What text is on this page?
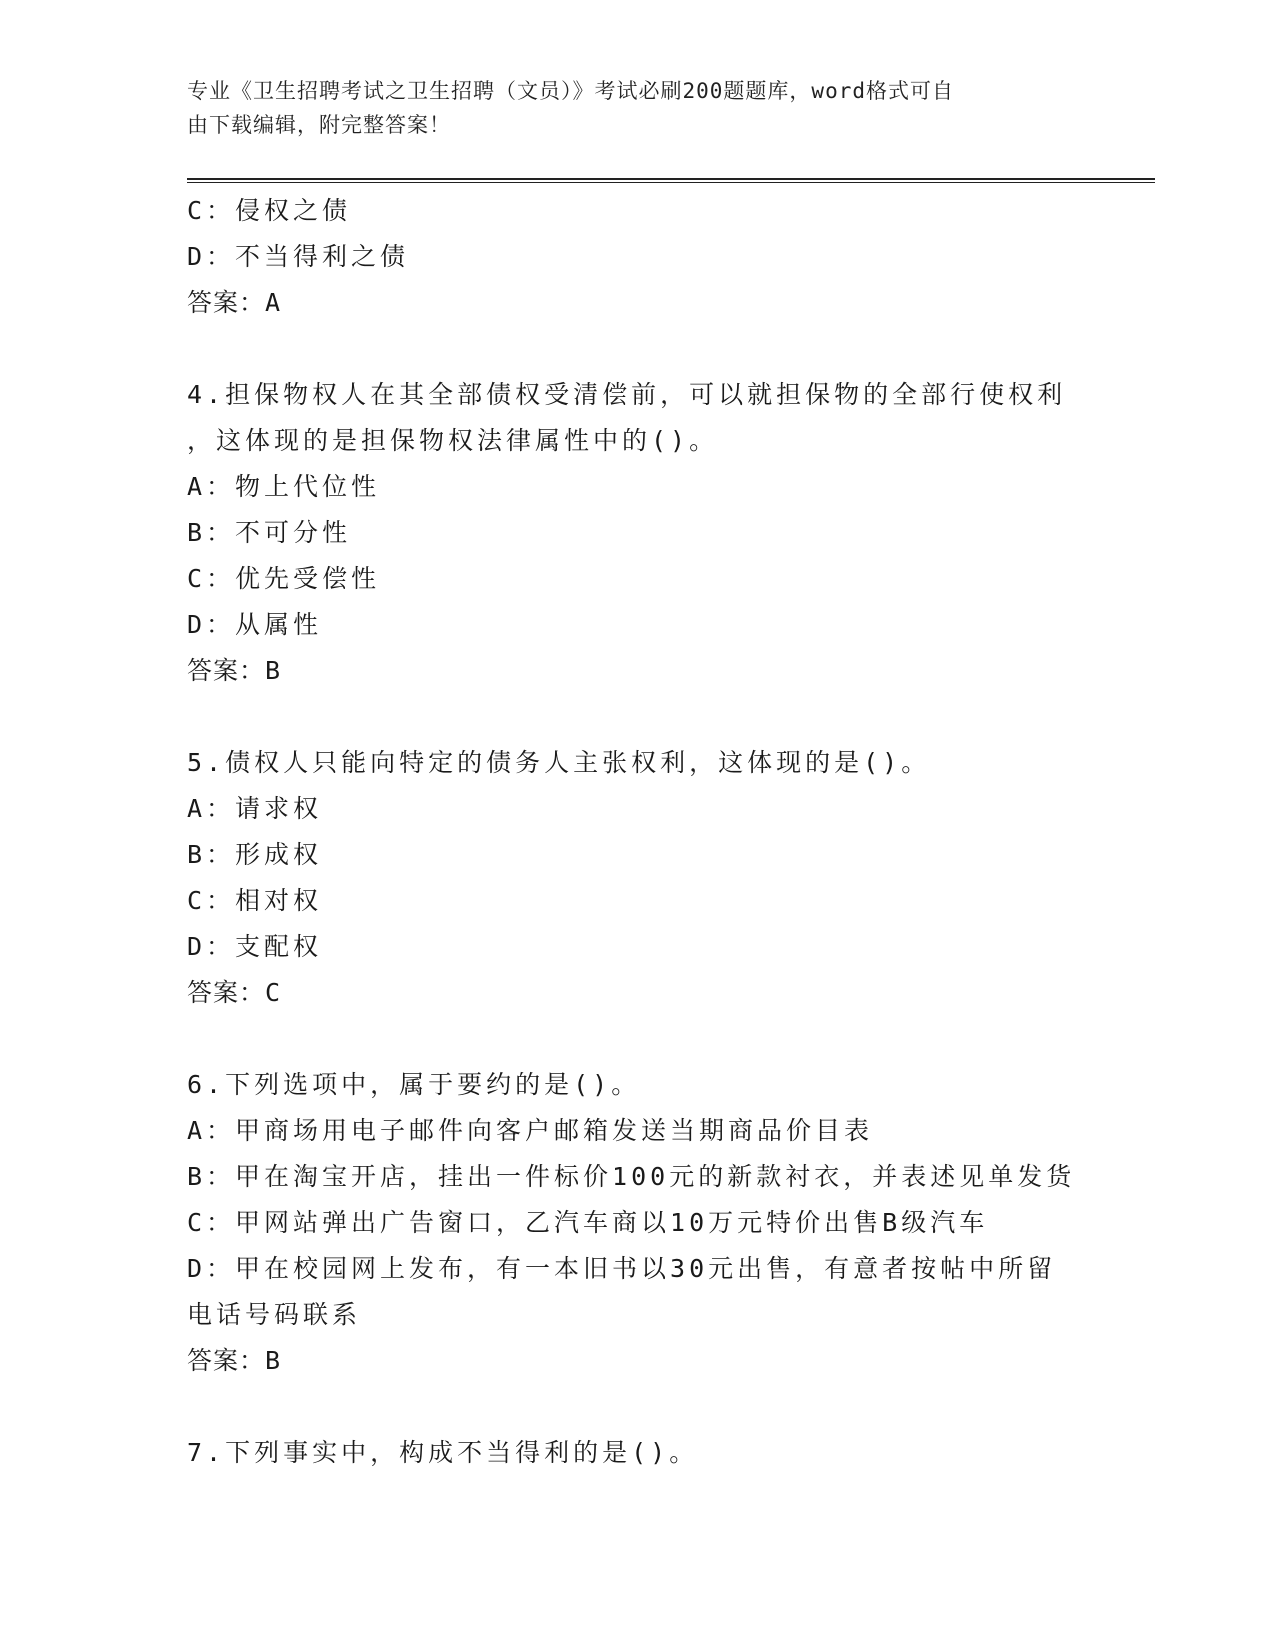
专业《卫生招聘考试之卫生招聘（文员）》考试必刷200题题库，word格式可自
由下载编辑，附完整答案！
C：侵权之债
D：不当得利之债
答案：A
4.担保物权人在其全部债权受清偿前，可以就担保物的全部行使权利
，这体现的是担保物权法律属性中的()。
A：物上代位性
B：不可分性
C：优先受偿性
D：从属性
答案：B
5.债权人只能向特定的债务人主张权利，这体现的是()。
A：请求权
B：形成权
C：相对权
D：支配权
答案：C
6.下列选项中，属于要约的是()。
A：甲商场用电子邮件向客户邮箱发送当期商品价目表
B：甲在淘宝开店，挂出一件标价100元的新款衬衣，并表述见单发货
C：甲网站弹出广告窗口，乙汽车商以10万元特价出售B级汽车
D：甲在校园网上发布，有一本旧书以30元出售，有意者按帖中所留
电话号码联系
答案：B
7.下列事实中，构成不当得利的是()。
